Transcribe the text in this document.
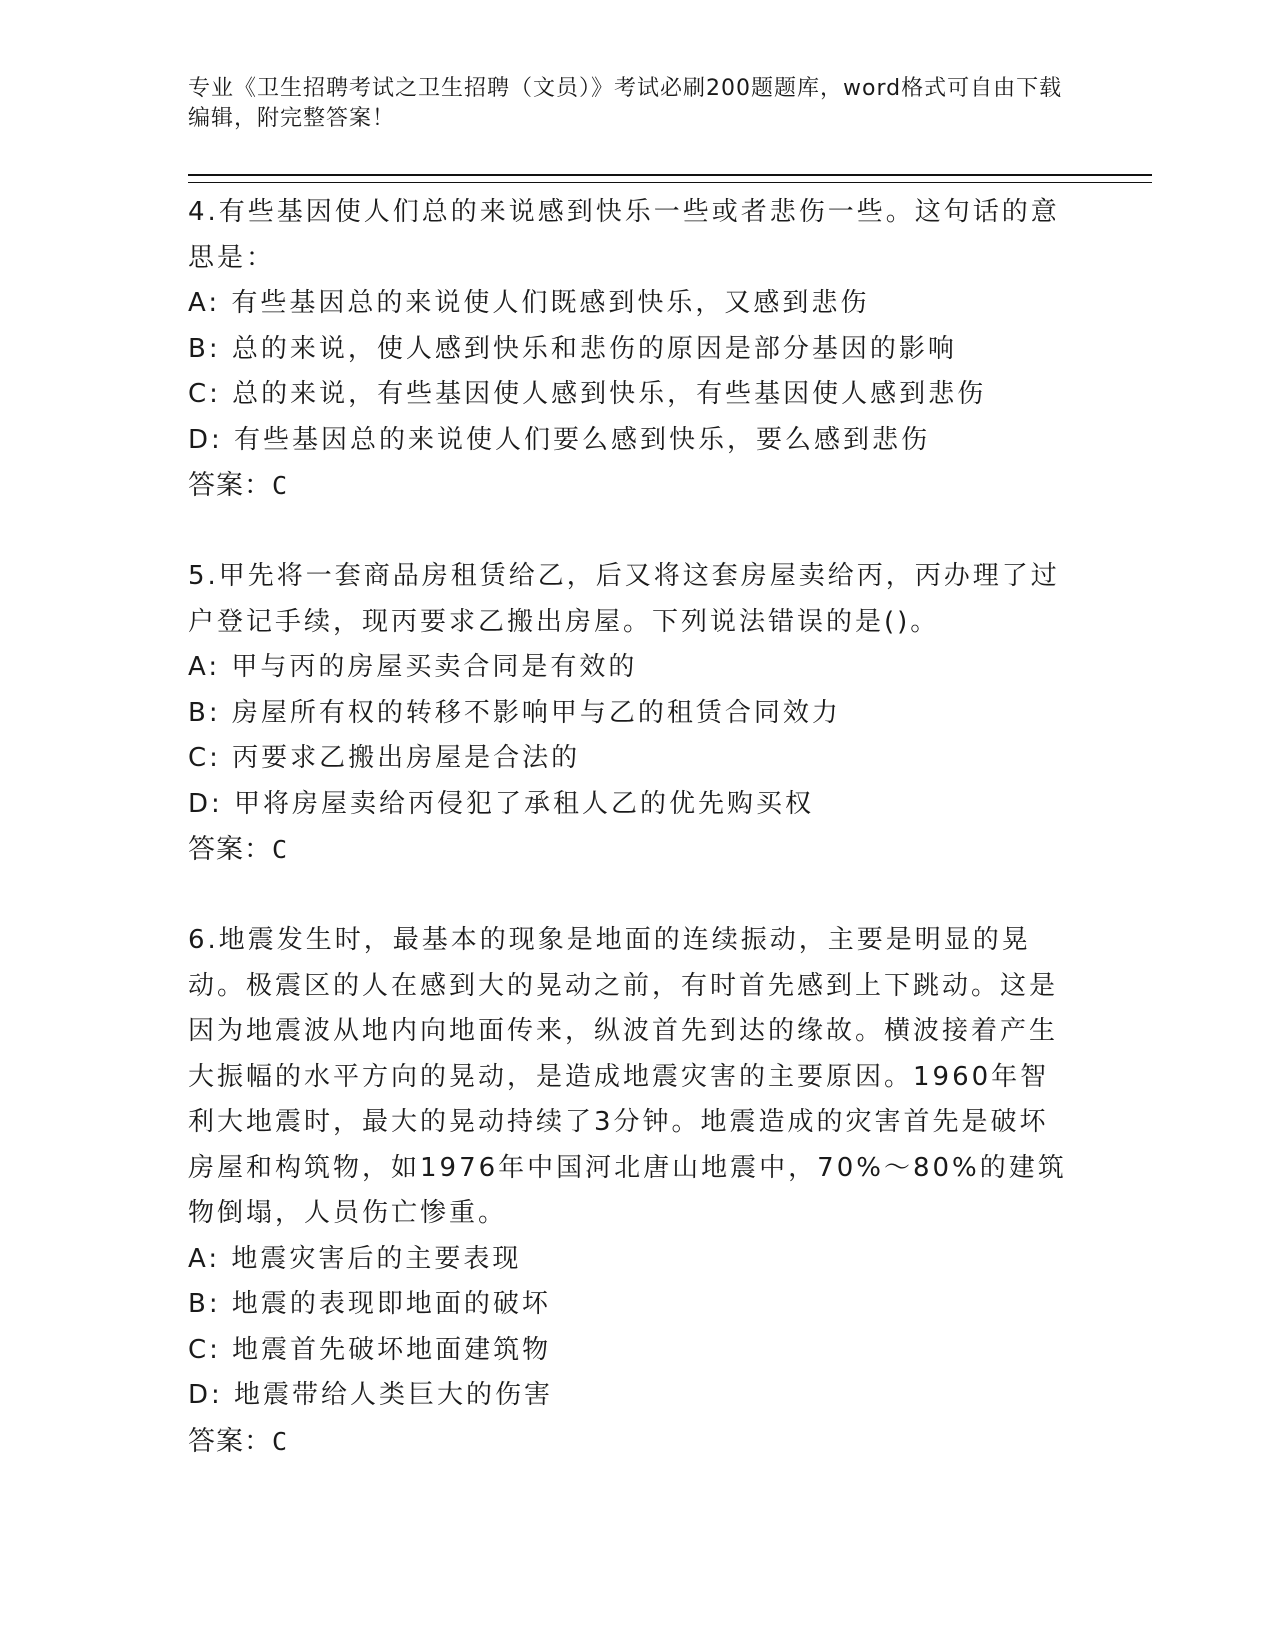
专业《卫生招聘考试之卫生招聘（文员）》考试必刷200题题库，word格式可自由下载编辑，附完整答案！

4.有些基因使人们总的来说感到快乐一些或者悲伤一些。这句话的意思是：

A: 有些基因总的来说使人们既感到快乐，又感到悲伤

B: 总的来说，使人感到快乐和悲伤的原因是部分基因的影响

C: 总的来说，有些基因使人感到快乐，有些基因使人感到悲伤

D: 有些基因总的来说使人们要么感到快乐，要么感到悲伤

答案：C

5.甲先将一套商品房租赁给乙，后又将这套房屋卖给丙，丙办理了过户登记手续，现丙要求乙搬出房屋。下列说法错误的是()。

A: 甲与丙的房屋买卖合同是有效的

B: 房屋所有权的转移不影响甲与乙的租赁合同效力

C: 丙要求乙搬出房屋是合法的

D: 甲将房屋卖给丙侵犯了承租人乙的优先购买权

答案：C

6.地震发生时，最基本的现象是地面的连续振动，主要是明显的晃动。极震区的人在感到大的晃动之前，有时首先感到上下跳动。这是因为地震波从地内向地面传来，纵波首先到达的缘故。横波接着产生大振幅的水平方向的晃动，是造成地震灾害的主要原因。1960年智利大地震时，最大的晃动持续了3分钟。地震造成的灾害首先是破坏房屋和构筑物，如1976年中国河北唐山地震中，70%～80%的建筑物倒塌，人员伤亡惨重。

A: 地震灾害后的主要表现

B: 地震的表现即地面的破坏

C: 地震首先破坏地面建筑物

D: 地震带给人类巨大的伤害

答案：C
